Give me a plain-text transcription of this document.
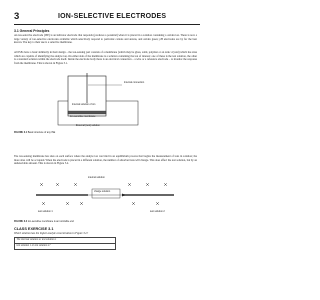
3	ION-SELECTIVE ELECTRODES
3.1 General Principles
An ion-selective electrode (ISE) is an indicator electrode that responds (produces a potential) when it is placed in a solution containing a certain ion. There is now a large variety of ion-selective electrodes available which selectively respond to particular cations and anions, and certain gases; pH electrodes are by far the best known. The key to their use is a selective membrane.
All ISEs have a basic similarity in their design – the ion-sensing part consists of a membrane (which may be glass, solid, polymer or an ionic crystal) which has sites which are capable of identifying the analyte ion. On either side of the membrane is a solution containing the ion of interest: one of these is the test solution, the other is a standard solution within the electrode itself. Inside the electrode body there is an electrical connection – a wire or a reference electrode – to monitor the response from the membrane. This is shown in Figure 3.1.
Internal connection
Internal solution of ion
Ion-sensitive membrane
External (test) solution
FIGURE 3.1 Basic structure of any ISE
The ion-sensing membrane has sites on each surface where the analyte ion can bind in an equilibrium process that begins the measurement of ions in solution; the more sites will be occupied. When the electrode is placed in a different solution, the number of adsorbed ions will change. This does affect the test solution, but by an undetectable amount. This is shown in Figure 3.2.
internal solution
charge solution
test solution 1	test solution 2
FIGURE 3.2 Ion-sensitive membrane is an ionizable end
CLASS EXERCISE 3.1
Which solution has the higher analyte concentration in Figure 3.2?
The internal solution or test solution 1
test solution 1 or test solution 2?
